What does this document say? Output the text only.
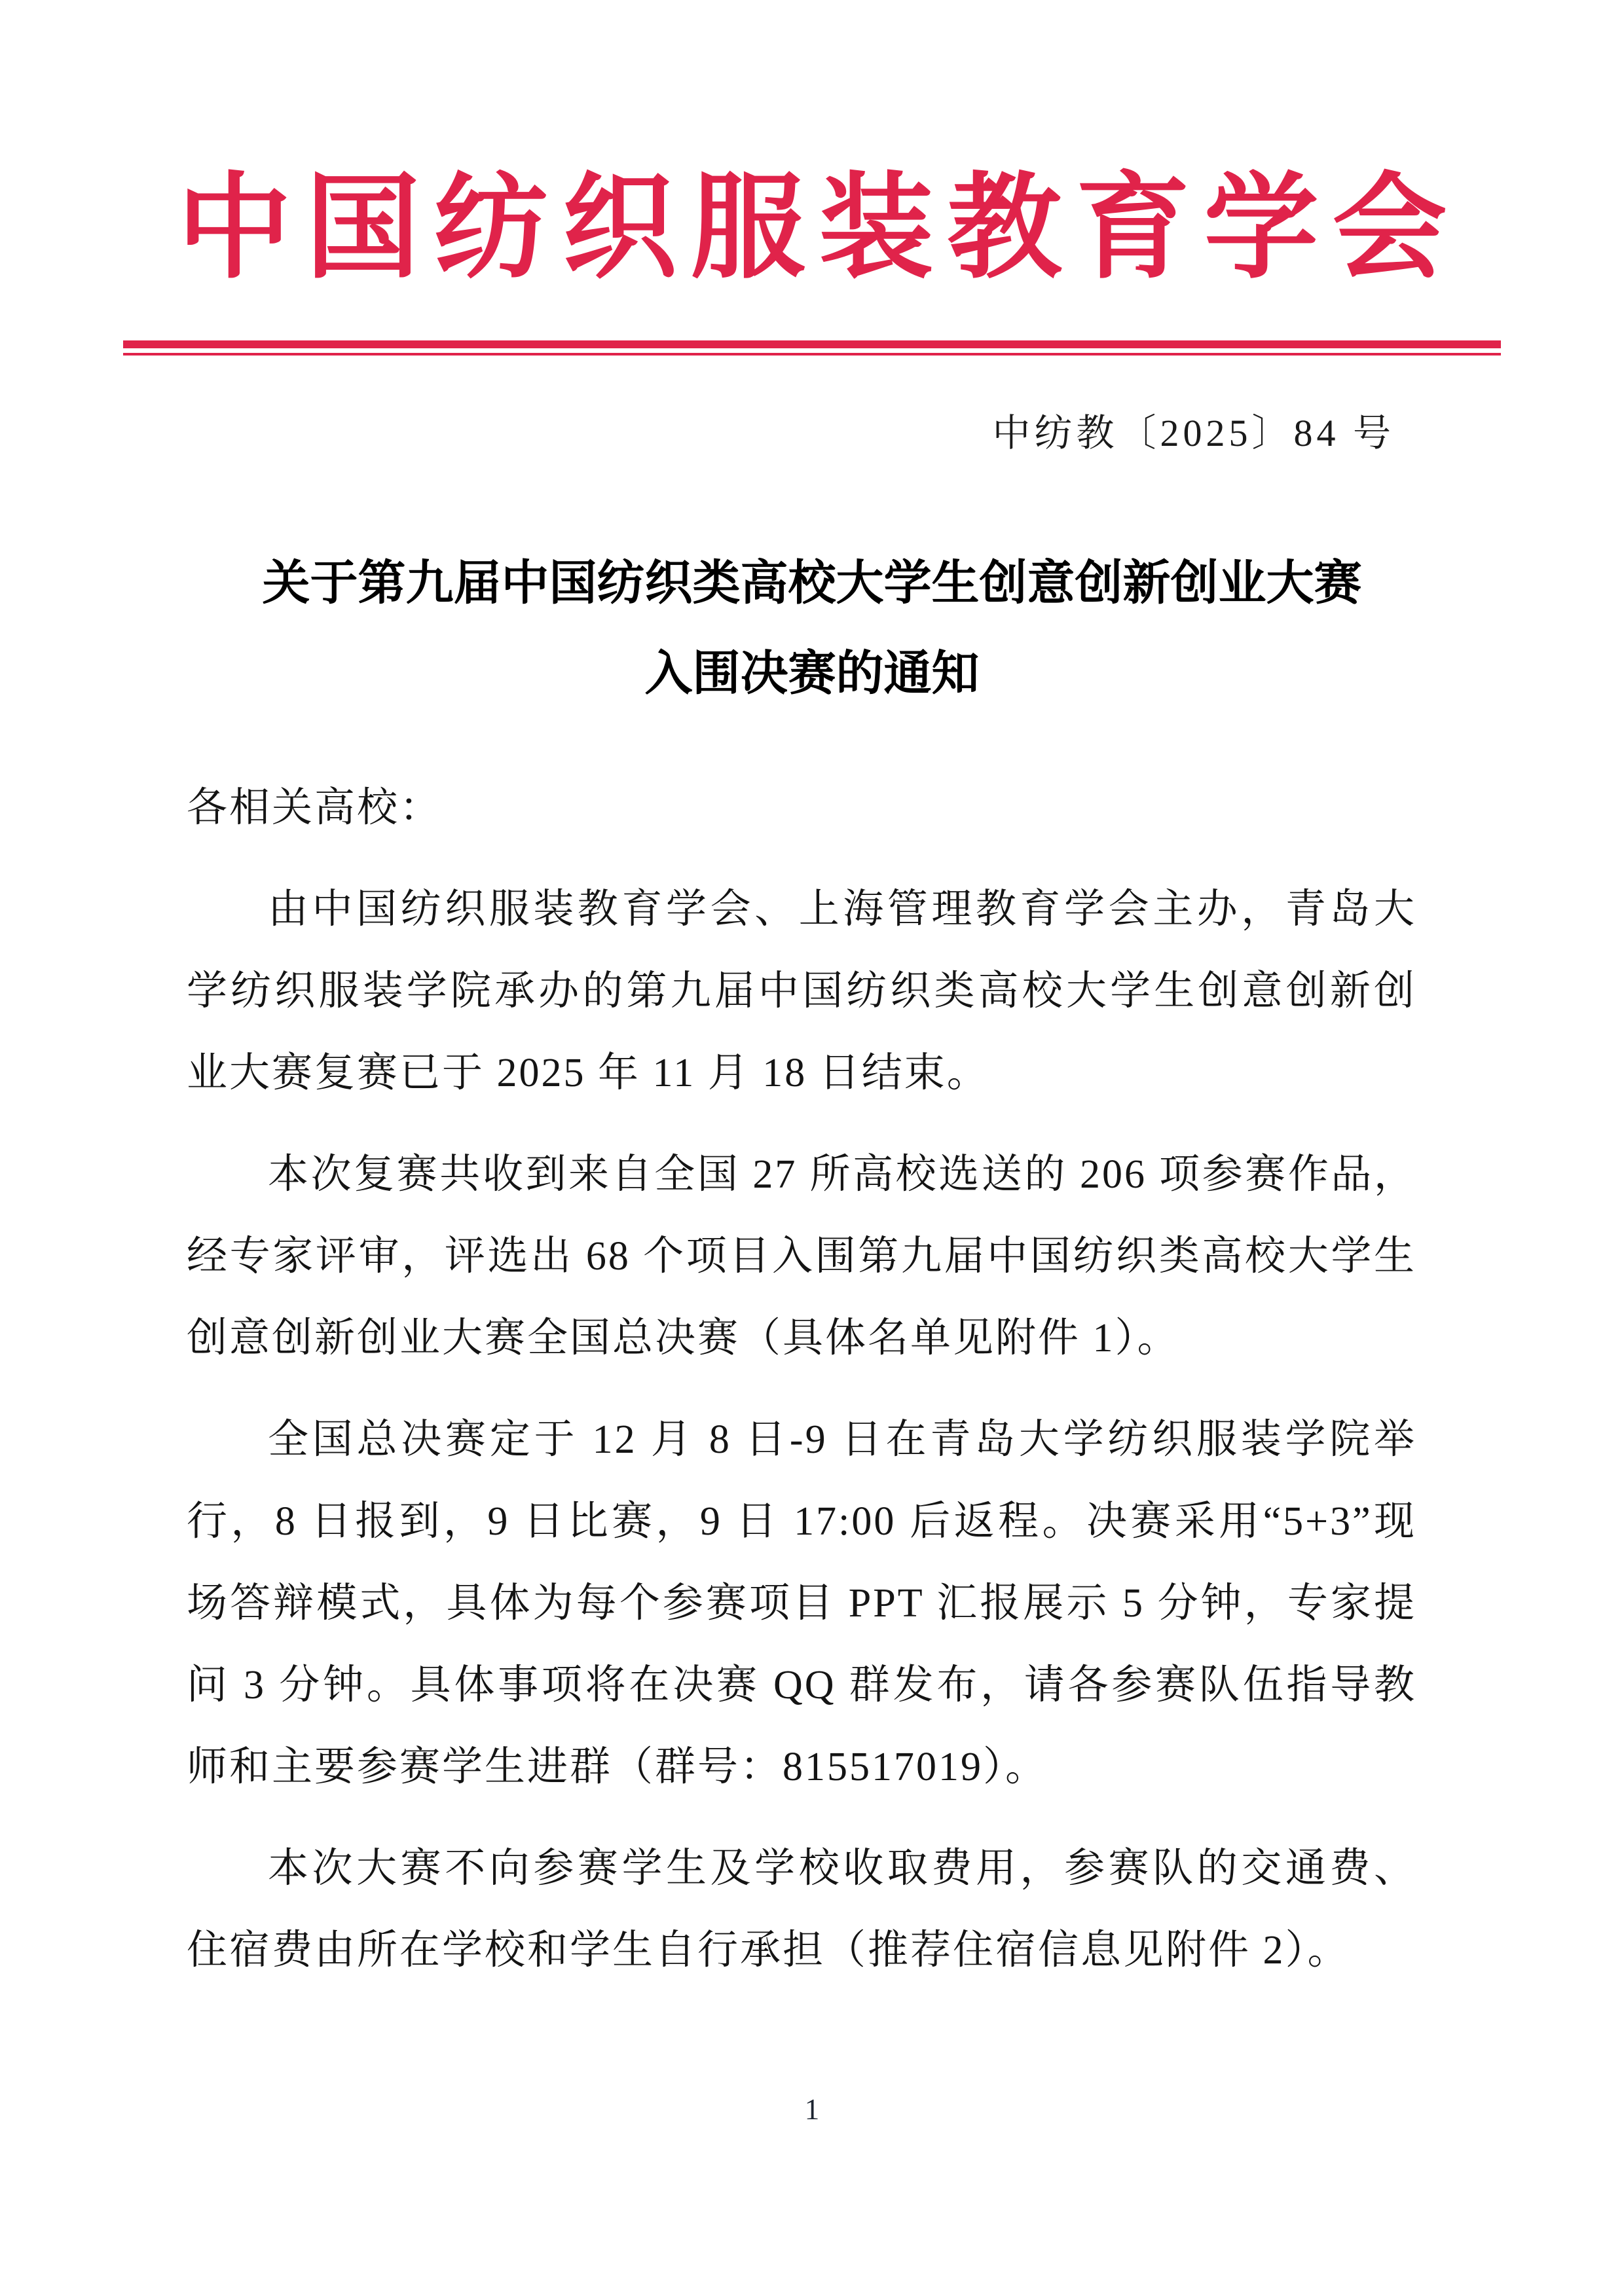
中国纺织服装教育学会

中纺教〔2025〕84 号

关于第九届中国纺织类高校大学生创意创新创业大赛
入围决赛的通知

各相关高校：

由中国纺织服装教育学会、上海管理教育学会主办，青岛大学纺织服装学院承办的第九届中国纺织类高校大学生创意创新创业大赛复赛已于 2025 年 11 月 18 日结束。

本次复赛共收到来自全国 27 所高校选送的 206 项参赛作品，经专家评审，评选出 68 个项目入围第九届中国纺织类高校大学生创意创新创业大赛全国总决赛（具体名单见附件 1）。

全国总决赛定于 12 月 8 日-9 日在青岛大学纺织服装学院举行，8 日报到，9 日比赛，9 日 17:00 后返程。决赛采用“5+3”现场答辩模式，具体为每个参赛项目 PPT 汇报展示 5 分钟，专家提问 3 分钟。具体事项将在决赛 QQ 群发布，请各参赛队伍指导教师和主要参赛学生进群（群号：815517019）。

本次大赛不向参赛学生及学校收取费用，参赛队的交通费、住宿费由所在学校和学生自行承担（推荐住宿信息见附件 2）。

1
